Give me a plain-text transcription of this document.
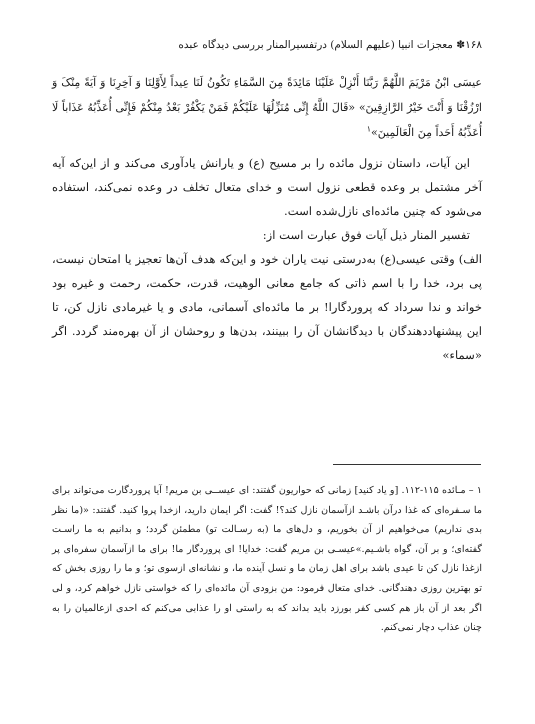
۱۶۸✽ معجزات انبیا (علیهم السلام) درتفسیرالمنار بررسی دیدگاه عبده

عیسَی ابْنُ مَرْیَمَ اللَّهُمَّ رَبَّنَا أَنْزِلْ عَلَیْنَا مَائِدَةً مِنَ السَّمَاءِ تَکُونُ لَنَا عِیداً لِأَوَّلِنَا وَ آخِرِنَا وَ آیَةً مِنْکَ وَ ارْزُقْنَا وَ أَنْتَ خَیْرُ الرَّازِقِینَ» «قَالَ اللَّهُ إِنِّی مُنَزِّلُهَا عَلَیْکُمْ فَمَنْ یَکْفُرْ بَعْدُ مِنْکُمْ فَإِنِّی أُعَذِّبُهُ عَذَاباً لَا أُعَذِّبُهُ أَحَداً مِنَ الْعَالَمِینَ»$^۱$

این آیات، داستان نزول مائده را بر مسیح (ع) و یارانش یادآوری می‌کند و از این‌که آیه آخر مشتمل بر وعده قطعی نزول است و خدای متعال تخلف در وعده نمی‌کند، استفاده می‌شود که چنین مائده‌ای نازل‌شده است.

تفسیر المنار ذیل آیات فوق عبارت است از:

الف) وقتی عیسی(ع) به‌درستی نیت یاران خود و این‌که هدف آن‌ها تعجیز یا امتحان نیست، پی برد، خدا را با اسم ذاتی که جامع معانی الوهیت، قدرت، حکمت، رحمت و غیره بود خواند و ندا سرداد که پروردگارا! بر ما مائده‌ای آسمانی، مادی و یا غیرمادی نازل کن، تا این پیشنهاددهندگان با دیدگانشان آن را ببینند، بدن‌ها و روحشان از آن بهره‌مند گردد. اگر «سماء»

۱ – مـائده ۱۱۵-۱۱۲. [و یاد کنید] زمانی که حواریون گفتند: ای عیســی بن مریم! آیا پروردگارت می‌تواند برای ما سـفره‌ای که غذا درآن باشـد ازآسمان نازل کند؟! گفت: اگر ایمان دارید، ازخدا پروا کنید. گفتند: «(ما نظر بدی نداریم) می‌خواهیم از آن بخوریم، و دل‌های ما (به رسـالت تو) مطمئن گردد؛ و بدانیم به ما راسـت گفته‌ای؛ و بر آن، گواه باشـیم.»عیسـی بن مریم گفت: خدایا! ای پروردگار ما! برای ما ازآسمان سفره‌ای پر ازغذا نازل کن تا عیدی باشد برای اهل زمان ما و نسل آینده ما، و نشانه‌ای ازسوی تو؛ و ما را روزی بخش که تو بهترین روزی دهندگانی. خدای متعال فرمود: من بزودی آن مائده‌ای را که خواستی نازل خواهم کرد، و لی اگر بعد از آن باز هم کسی کفر بورزد باید بداند که به راستی او را عذابی می‌کنم که احدی ازعالمیان را به چنان عذاب دچار نمی‌کنم.
